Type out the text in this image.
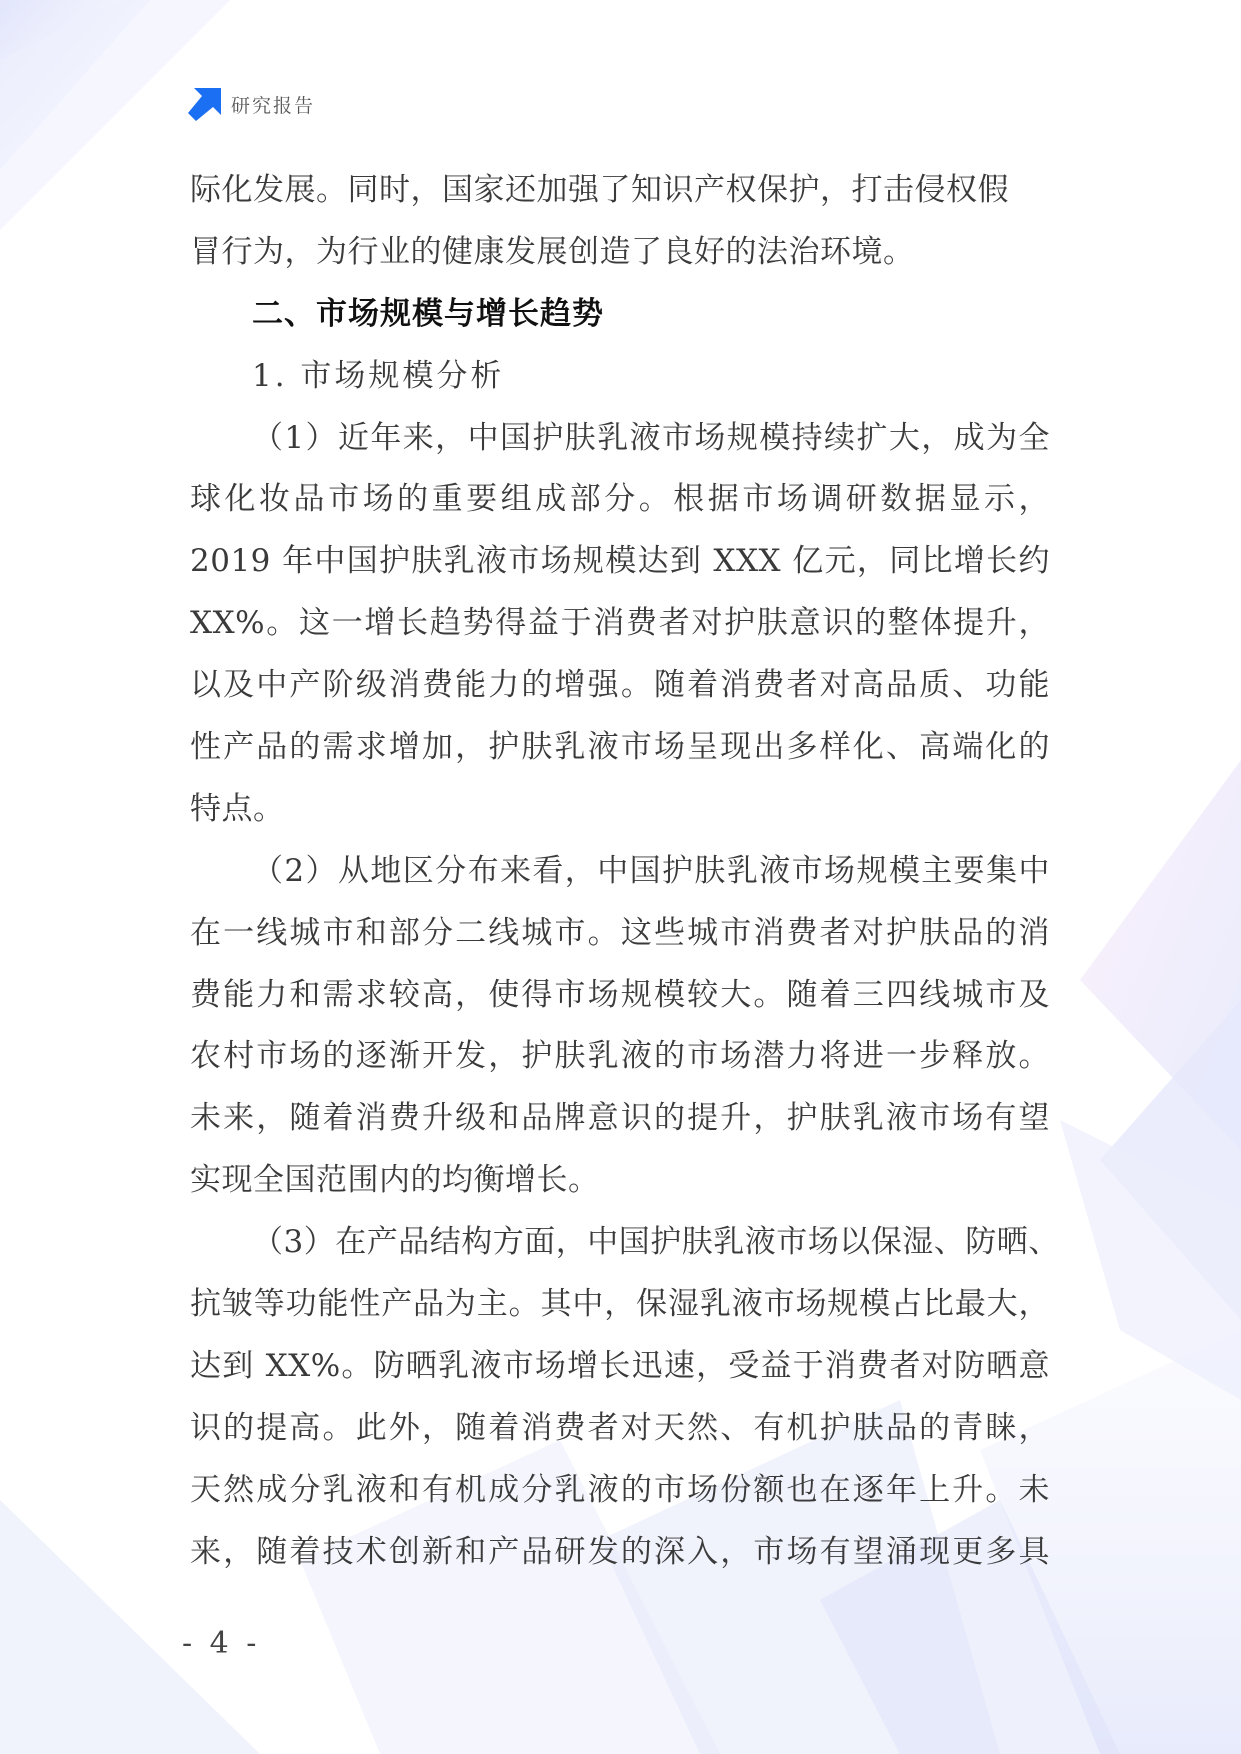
研究报告
际化发展。同时，国家还加强了知识产权保护，打击侵权假
冒行为，为行业的健康发展创造了良好的法治环境。
二、市场规模与增长趋势
1. 市场规模分析
（1）近年来，中国护肤乳液市场规模持续扩大，成为全
球化妆品市场的重要组成部分。根据市场调研数据显示，
2019 年中国护肤乳液市场规模达到 XXX 亿元，同比增长约
XX%。这一增长趋势得益于消费者对护肤意识的整体提升，
以及中产阶级消费能力的增强。随着消费者对高品质、功能
性产品的需求增加，护肤乳液市场呈现出多样化、高端化的
特点。
（2）从地区分布来看，中国护肤乳液市场规模主要集中
在一线城市和部分二线城市。这些城市消费者对护肤品的消
费能力和需求较高，使得市场规模较大。随着三四线城市及
农村市场的逐渐开发，护肤乳液的市场潜力将进一步释放。
未来，随着消费升级和品牌意识的提升，护肤乳液市场有望
实现全国范围内的均衡增长。
（3）在产品结构方面，中国护肤乳液市场以保湿、防晒、
抗皱等功能性产品为主。其中，保湿乳液市场规模占比最大，
达到 XX%。防晒乳液市场增长迅速，受益于消费者对防晒意
识的提高。此外，随着消费者对天然、有机护肤品的青睐，
天然成分乳液和有机成分乳液的市场份额也在逐年上升。未
来，随着技术创新和产品研发的深入，市场有望涌现更多具
- 4 -
